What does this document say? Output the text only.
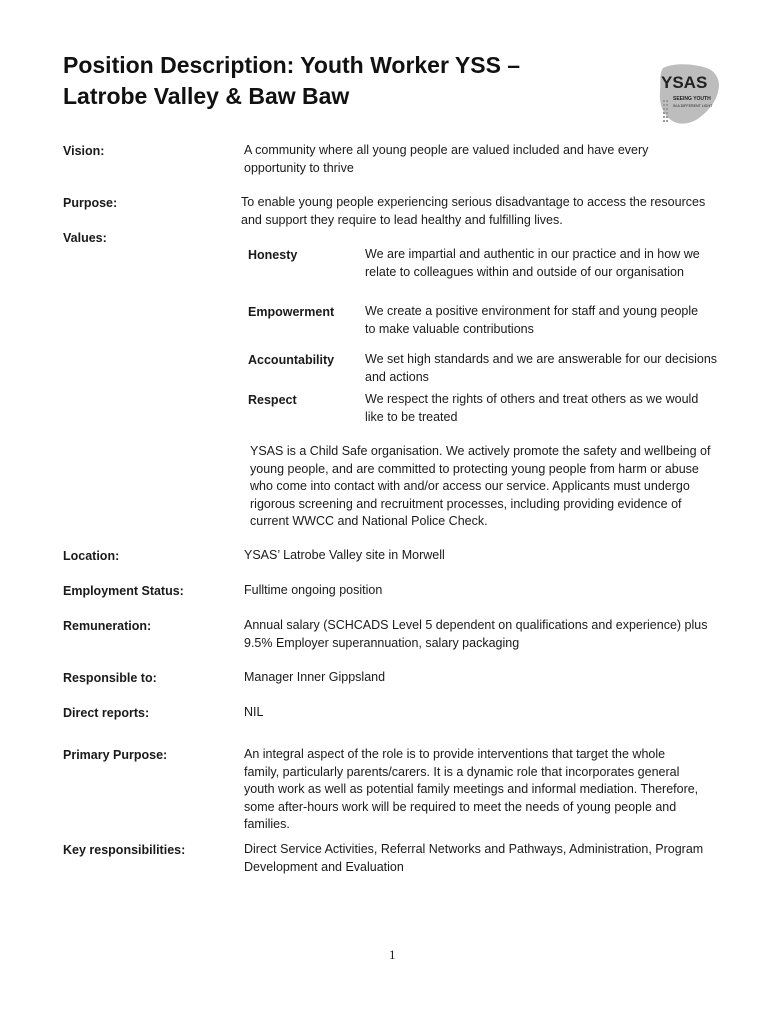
Position Description: Youth Worker YSS –
Latrobe Valley & Baw Baw
YSAS
SEEING YOUTH
IN A DIFFERENT LIGHT
Vision:	A community where all young people are valued included and have every
opportunity to thrive
Purpose:	To enable young people experiencing serious disadvantage to access the resources
and support they require to lead healthy and fulfilling lives.
Values:
Honesty	We are impartial and authentic in our practice and in how we
relate to colleagues within and outside of our organisation
Empowerment We create a positive environment for staff and young people
to make valuable contributions
Accountability We set high standards and we are answerable for our decisions
and actions
Respect	We respect the rights of others and treat others as we would
like to be treated
YSAS is a Child Safe organisation. We actively promote the safety and wellbeing of
young people, and are committed to protecting young people from harm or abuse
who come into contact with and/or access our service. Applicants must undergo
rigorous screening and recruitment processes, including providing evidence of
current WWCC and National Police Check.
Location:	YSAS’ Latrobe Valley site in Morwell
Employment Status:	Fulltime ongoing position
Remuneration:	Annual salary (SCHCADS Level 5 dependent on qualifications and experience) plus
9.5% Employer superannuation, salary packaging
Responsible to:	Manager Inner Gippsland
Direct reports:	NIL
Primary Purpose:	An integral aspect of the role is to provide interventions that target the whole
family, particularly parents/carers. It is a dynamic role that incorporates general
youth work as well as potential family meetings and informal mediation. Therefore,
some after-hours work will be required to meet the needs of young people and
families.
Key responsibilities:	Direct Service Activities, Referral Networks and Pathways, Administration, Program
Development and Evaluation
1
